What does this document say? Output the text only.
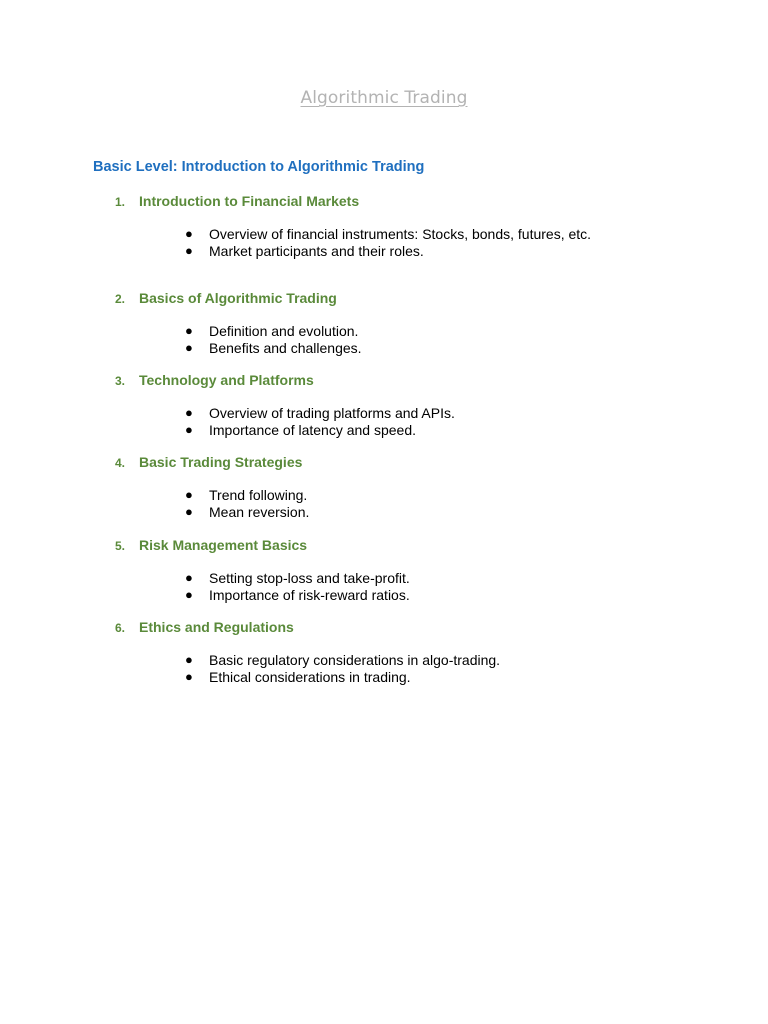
Algorithmic Trading
Basic Level: Introduction to Algorithmic Trading
1. Introduction to Financial Markets
● Overview of financial instruments: Stocks, bonds, futures, etc.
● Market participants and their roles.
2. Basics of Algorithmic Trading
● Definition and evolution.
● Benefits and challenges.
3. Technology and Platforms
● Overview of trading platforms and APIs.
● Importance of latency and speed.
4. Basic Trading Strategies
● Trend following.
● Mean reversion.
5. Risk Management Basics
● Setting stop-loss and take-profit.
● Importance of risk-reward ratios.
6. Ethics and Regulations
● Basic regulatory considerations in algo-trading.
● Ethical considerations in trading.
